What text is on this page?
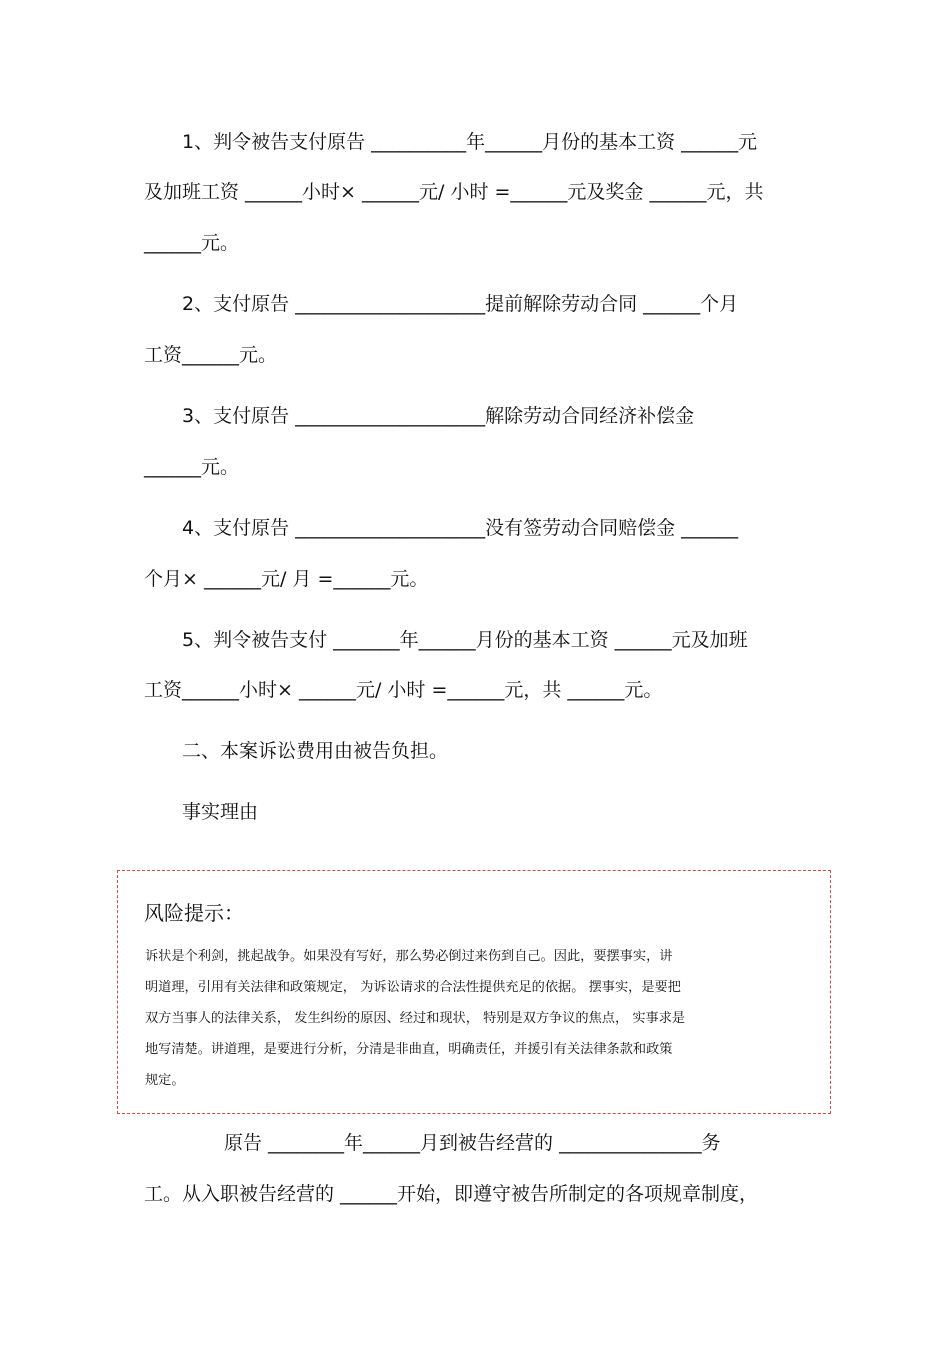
1、判令被告支付原告 __________年______月份的基本工资 ______元

及加班工资 ______小时× ______元/ 小时 =______元及奖金 ______元，共

______元。

2、支付原告 ____________________提前解除劳动合同 ______个月

工资______元。

3、支付原告 ____________________解除劳动合同经济补偿金

______元。

4、支付原告 ____________________没有签劳动合同赔偿金 ______

个月× ______元/ 月 =______元。

5、判令被告支付 _______年______月份的基本工资 ______元及加班

工资______小时× ______元/ 小时 =______元，共 ______元。

二、本案诉讼费用由被告负担。

事实理由

风险提示：

诉状是个利剑，挑起战争。如果没有写好，那么势必倒过来伤到自己。因此，要摆事实，讲

明道理，引用有关法律和政策规定， 为诉讼请求的合法性提供充足的依据。 摆事实，是要把

双方当事人的法律关系， 发生纠纷的原因、经过和现状， 特别是双方争议的焦点， 实事求是

地写清楚。讲道理，是要进行分析，分清是非曲直，明确责任，并援引有关法律条款和政策

规定。

原告 ________年______月到被告经营的 _______________务

工。从入职被告经营的 ______开始，即遵守被告所制定的各项规章制度，
